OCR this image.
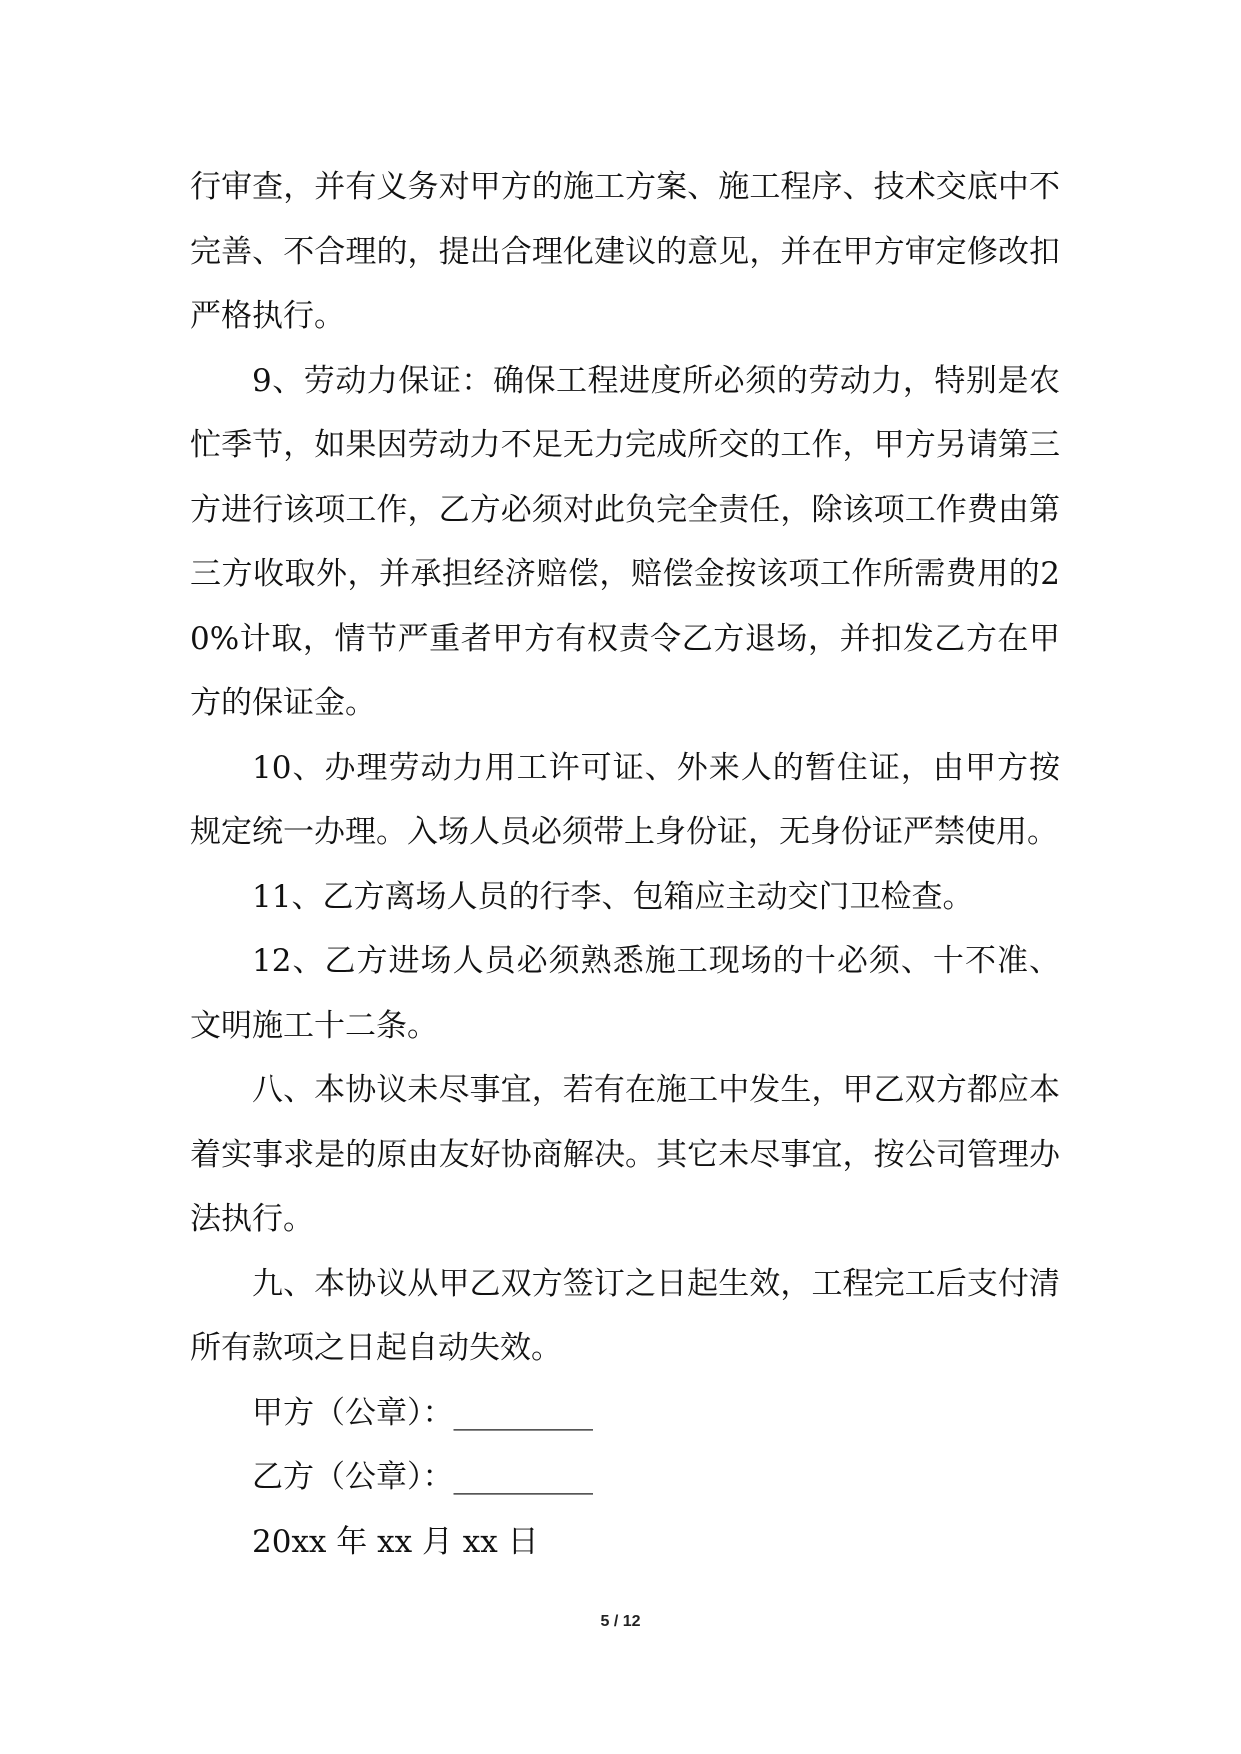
行审查，并有义务对甲方的施工方案、施工程序、技术交底中不完善、不合理的，提出合理化建议的意见，并在甲方审定修改扣严格执行。

9、劳动力保证：确保工程进度所必须的劳动力，特别是农忙季节，如果因劳动力不足无力完成所交的工作，甲方另请第三方进行该项工作，乙方必须对此负完全责任，除该项工作费由第三方收取外，并承担经济赔偿，赔偿金按该项工作所需费用的20%计取，情节严重者甲方有权责令乙方退场，并扣发乙方在甲方的保证金。

10、办理劳动力用工许可证、外来人的暂住证，由甲方按规定统一办理。入场人员必须带上身份证，无身份证严禁使用。

11、乙方离场人员的行李、包箱应主动交门卫检查。

12、乙方进场人员必须熟悉施工现场的十必须、十不准、文明施工十二条。

八、本协议未尽事宜，若有在施工中发生，甲乙双方都应本着实事求是的原由友好协商解决。其它未尽事宜，按公司管理办法执行。

九、本协议从甲乙双方签订之日起生效，工程完工后支付清所有款项之日起自动失效。

甲方（公章）：_________

乙方（公章）：_________

20xx 年 xx 月 xx 日

5 / 12
